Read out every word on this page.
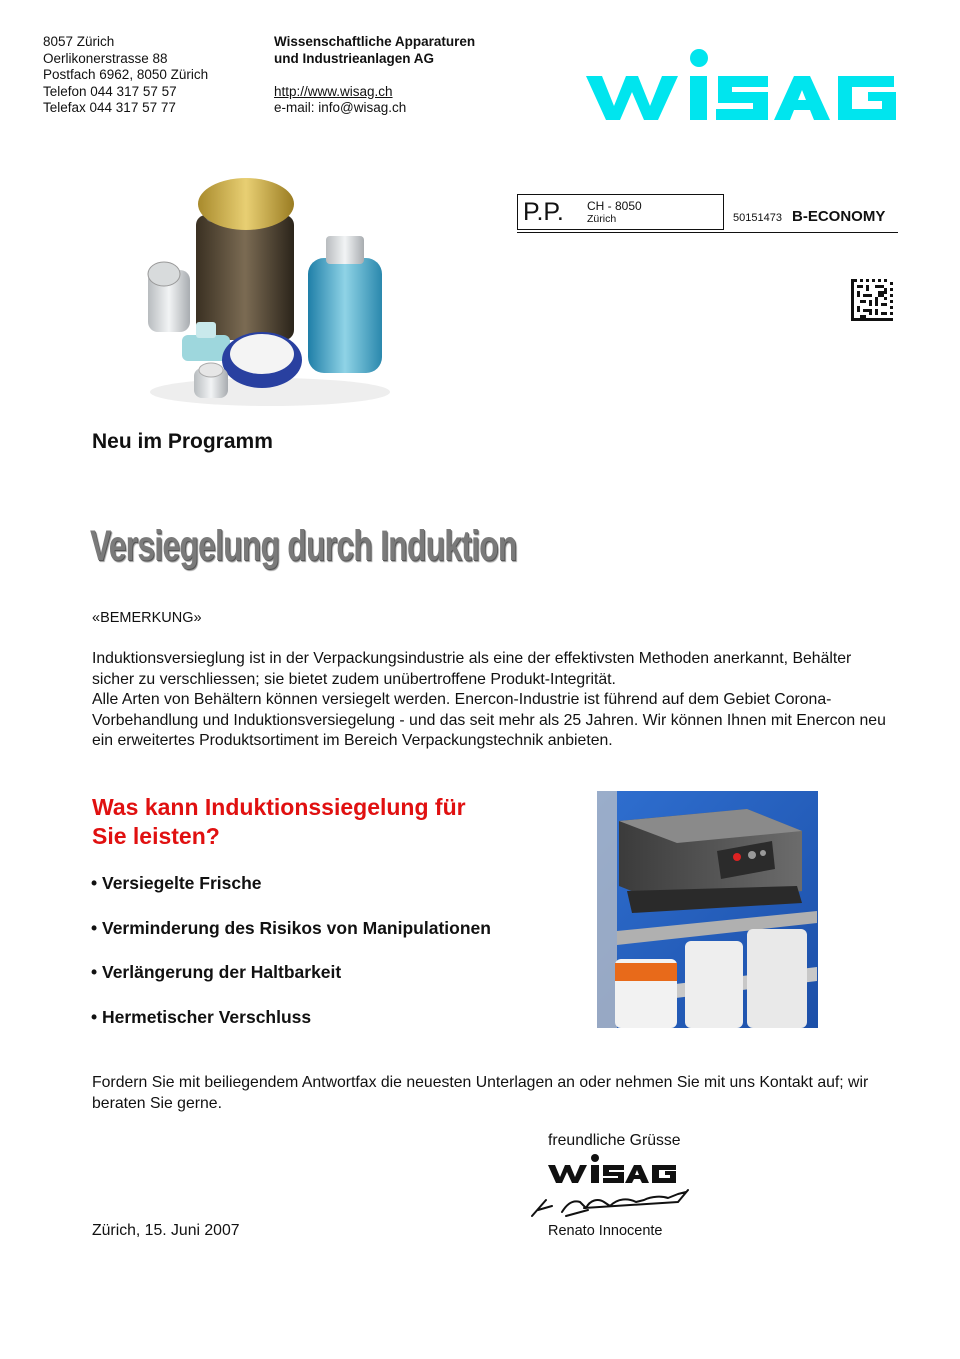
8057 Zürich
Oerlikonerstrasse 88
Postfach 6962, 8050 Zürich
Telefon 044 317 57 57
Telefax 044 317 57 77
Wissenschaftliche Apparaturen
und Industrieanlagen AG
http://www.wisag.ch
e-mail: info@wisag.ch
P.P. CH - 8050
Zürich	50151473 B-ECONOMY
Neu im Programm
Versiegelung durch Induktion
«BEMERKUNG»

Induktionsversieglung ist in der Verpackungsindustrie als eine der effektivsten Methoden anerkannt, Behälter sicher zu verschliessen; sie bietet zudem unübertroffene Produkt-Integrität.

Alle Arten von Behältern können versiegelt werden. Enercon-Industrie ist führend auf dem Gebiet Corona-Vorbehandlung und Induktionsversiegelung - und das seit mehr als 25 Jahren. Wir können Ihnen mit Enercon neu ein erweitertes Produktsortiment im Bereich Verpackungstechnik anbieten.

Was kann Induktionssiegelung für
Sie leisten?
• Versiegelte Frische
• Verminderung des Risikos von Manipulationen
• Verlängerung der Haltbarkeit
• Hermetischer Verschluss
Fordern Sie mit beiliegendem Antwortfax die neuesten Unterlagen an oder nehmen Sie mit uns Kontakt auf; wir beraten Sie gerne.
freundliche Grüsse
Zürich, 15. Juni 2007	Renato Innocente
